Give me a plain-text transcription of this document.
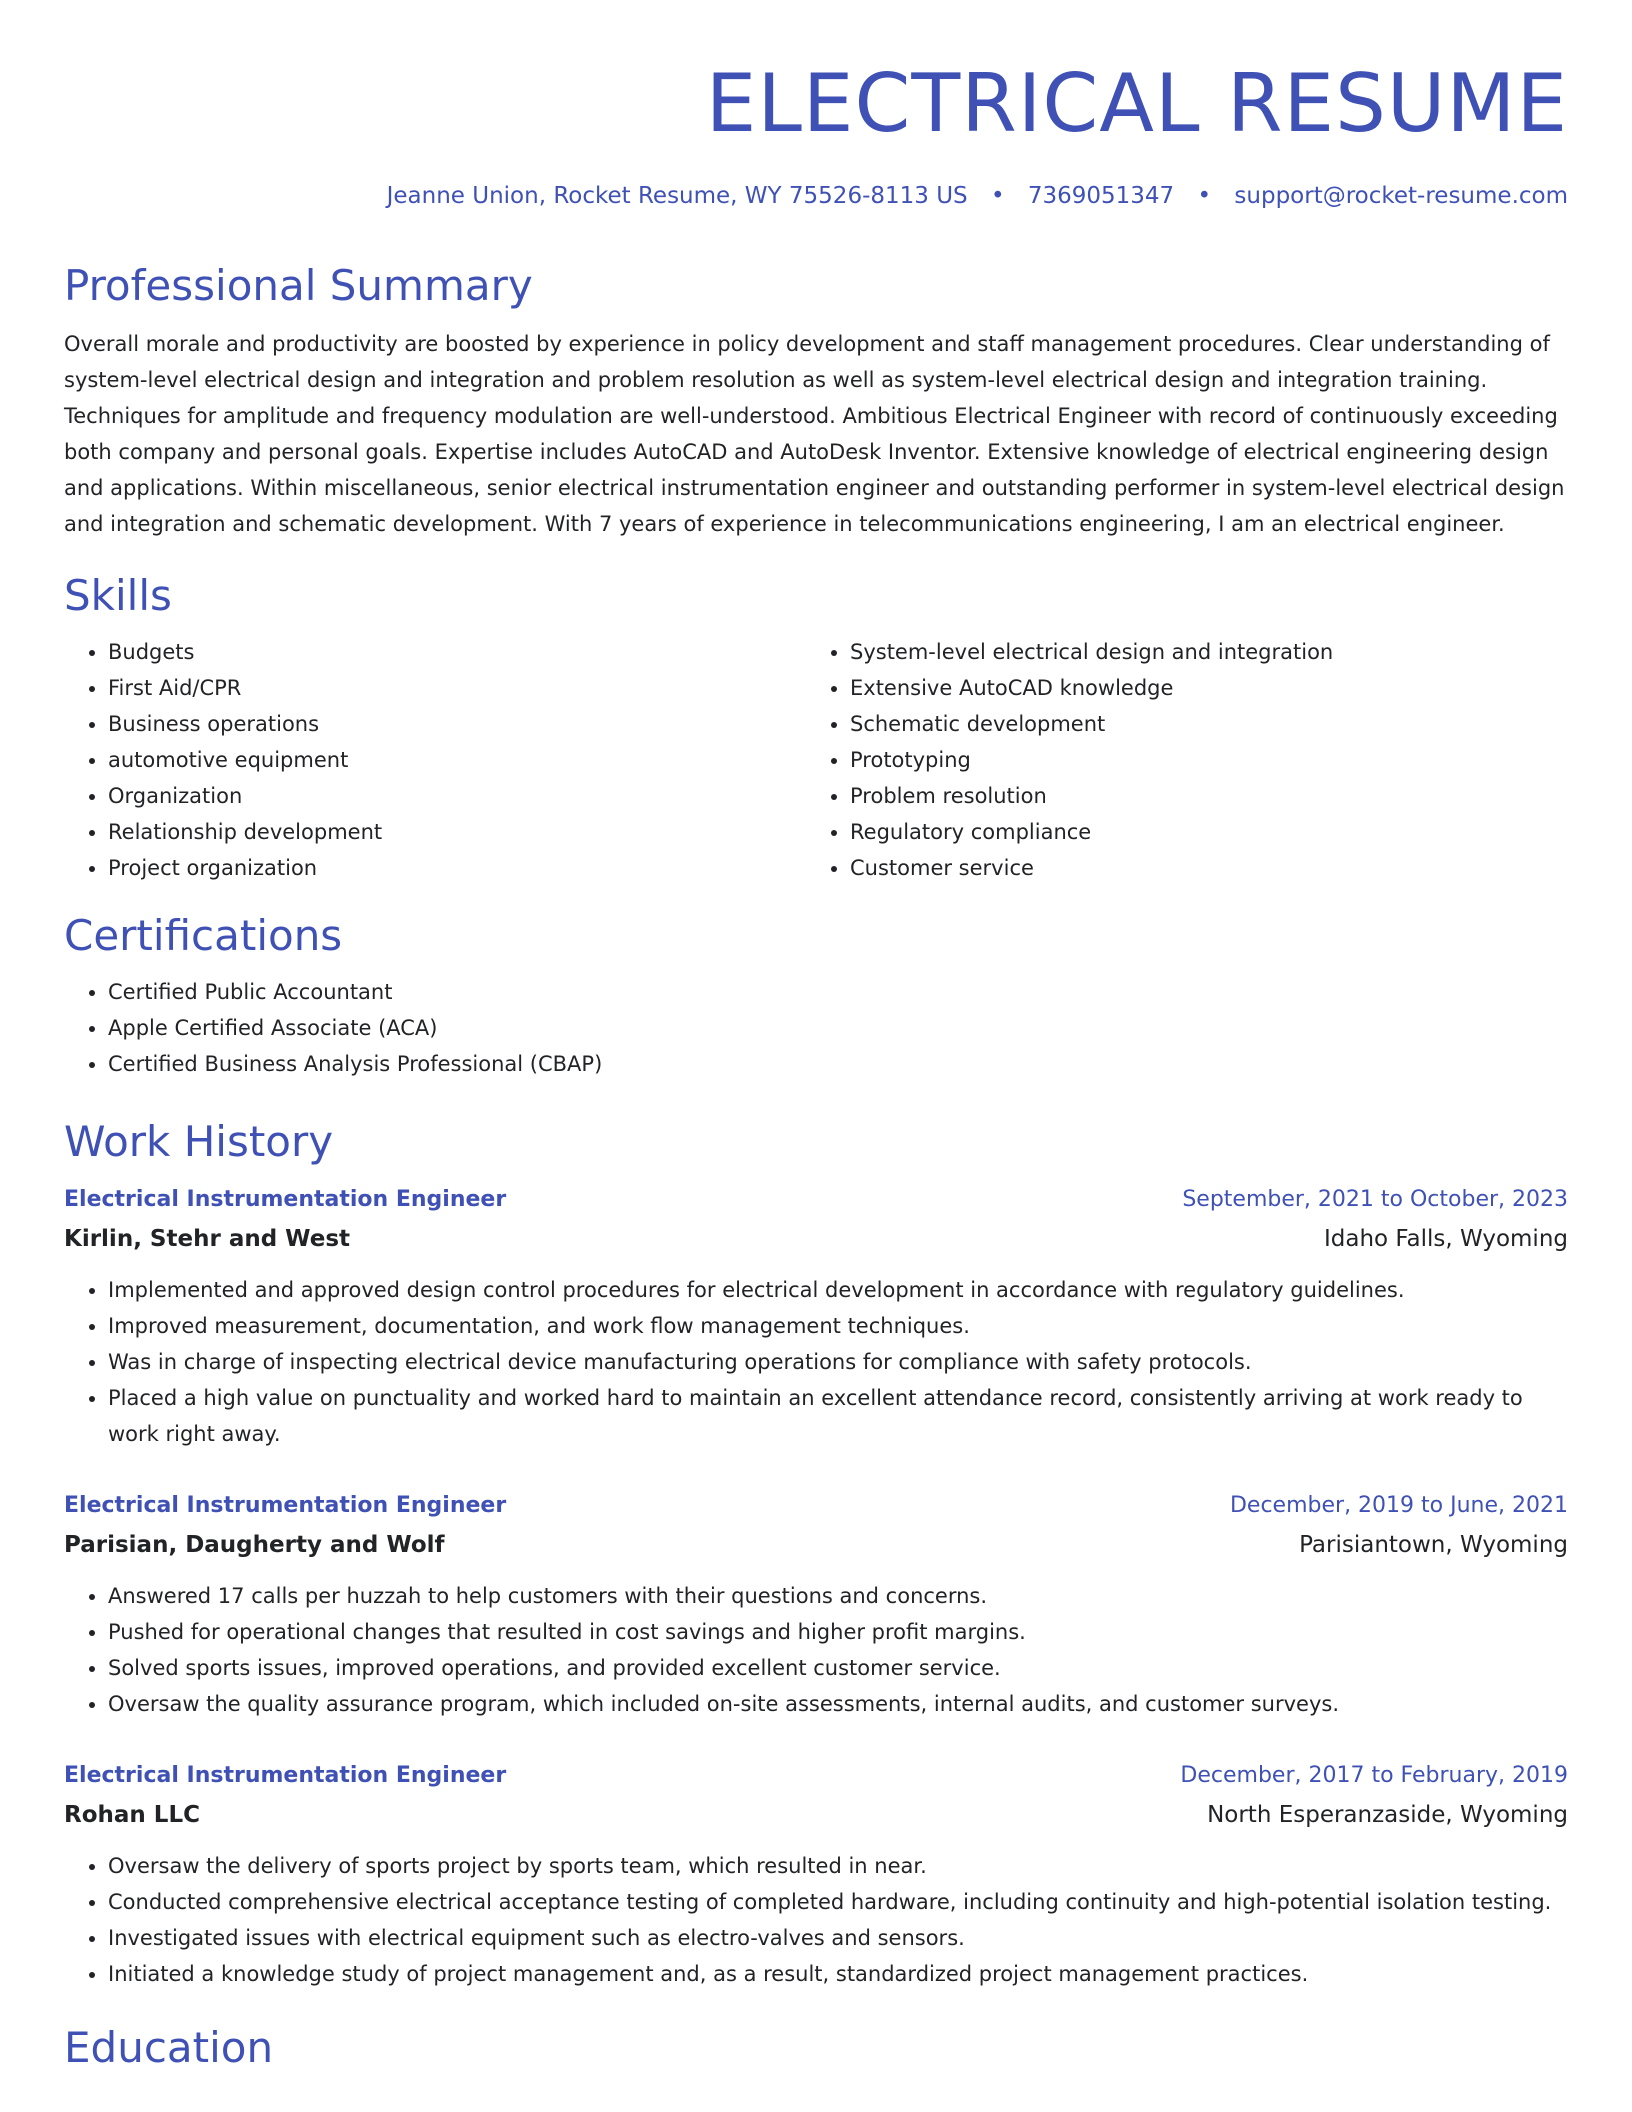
ELECTRICAL RESUME
Jeanne Union, Rocket Resume, WY 75526-8113 US • 7369051347 • support@rocket-resume.com
Professional Summary
Overall morale and productivity are boosted by experience in policy development and staff management procedures. Clear understanding of system-level electrical design and integration and problem resolution as well as system-level electrical design and integration training. Techniques for amplitude and frequency modulation are well-understood. Ambitious Electrical Engineer with record of continuously exceeding both company and personal goals. Expertise includes AutoCAD and AutoDesk Inventor. Extensive knowledge of electrical engineering design and applications. Within miscellaneous, senior electrical instrumentation engineer and outstanding performer in system-level electrical design and integration and schematic development. With 7 years of experience in telecommunications engineering, I am an electrical engineer.
Skills
• Budgets
• First Aid/CPR
• Business operations
• automotive equipment
• Organization
• Relationship development
• Project organization
• System-level electrical design and integration
• Extensive AutoCAD knowledge
• Schematic development
• Prototyping
• Problem resolution
• Regulatory compliance
• Customer service
Certifications
• Certified Public Accountant
• Apple Certified Associate (ACA)
• Certified Business Analysis Professional (CBAP)
Work History
Electrical Instrumentation Engineer	September, 2021 to October, 2023
Kirlin, Stehr and West	Idaho Falls, Wyoming
• Implemented and approved design control procedures for electrical development in accordance with regulatory guidelines.
• Improved measurement, documentation, and work flow management techniques.
• Was in charge of inspecting electrical device manufacturing operations for compliance with safety protocols.
• Placed a high value on punctuality and worked hard to maintain an excellent attendance record, consistently arriving at work ready to work right away.
Electrical Instrumentation Engineer	December, 2019 to June, 2021
Parisian, Daugherty and Wolf	Parisiantown, Wyoming
• Answered 17 calls per huzzah to help customers with their questions and concerns.
• Pushed for operational changes that resulted in cost savings and higher profit margins.
• Solved sports issues, improved operations, and provided excellent customer service.
• Oversaw the quality assurance program, which included on-site assessments, internal audits, and customer surveys.
Electrical Instrumentation Engineer	December, 2017 to February, 2019
Rohan LLC	North Esperanzaside, Wyoming
• Oversaw the delivery of sports project by sports team, which resulted in near.
• Conducted comprehensive electrical acceptance testing of completed hardware, including continuity and high-potential isolation testing.
• Investigated issues with electrical equipment such as electro-valves and sensors.
• Initiated a knowledge study of project management and, as a result, standardized project management practices.
Education
